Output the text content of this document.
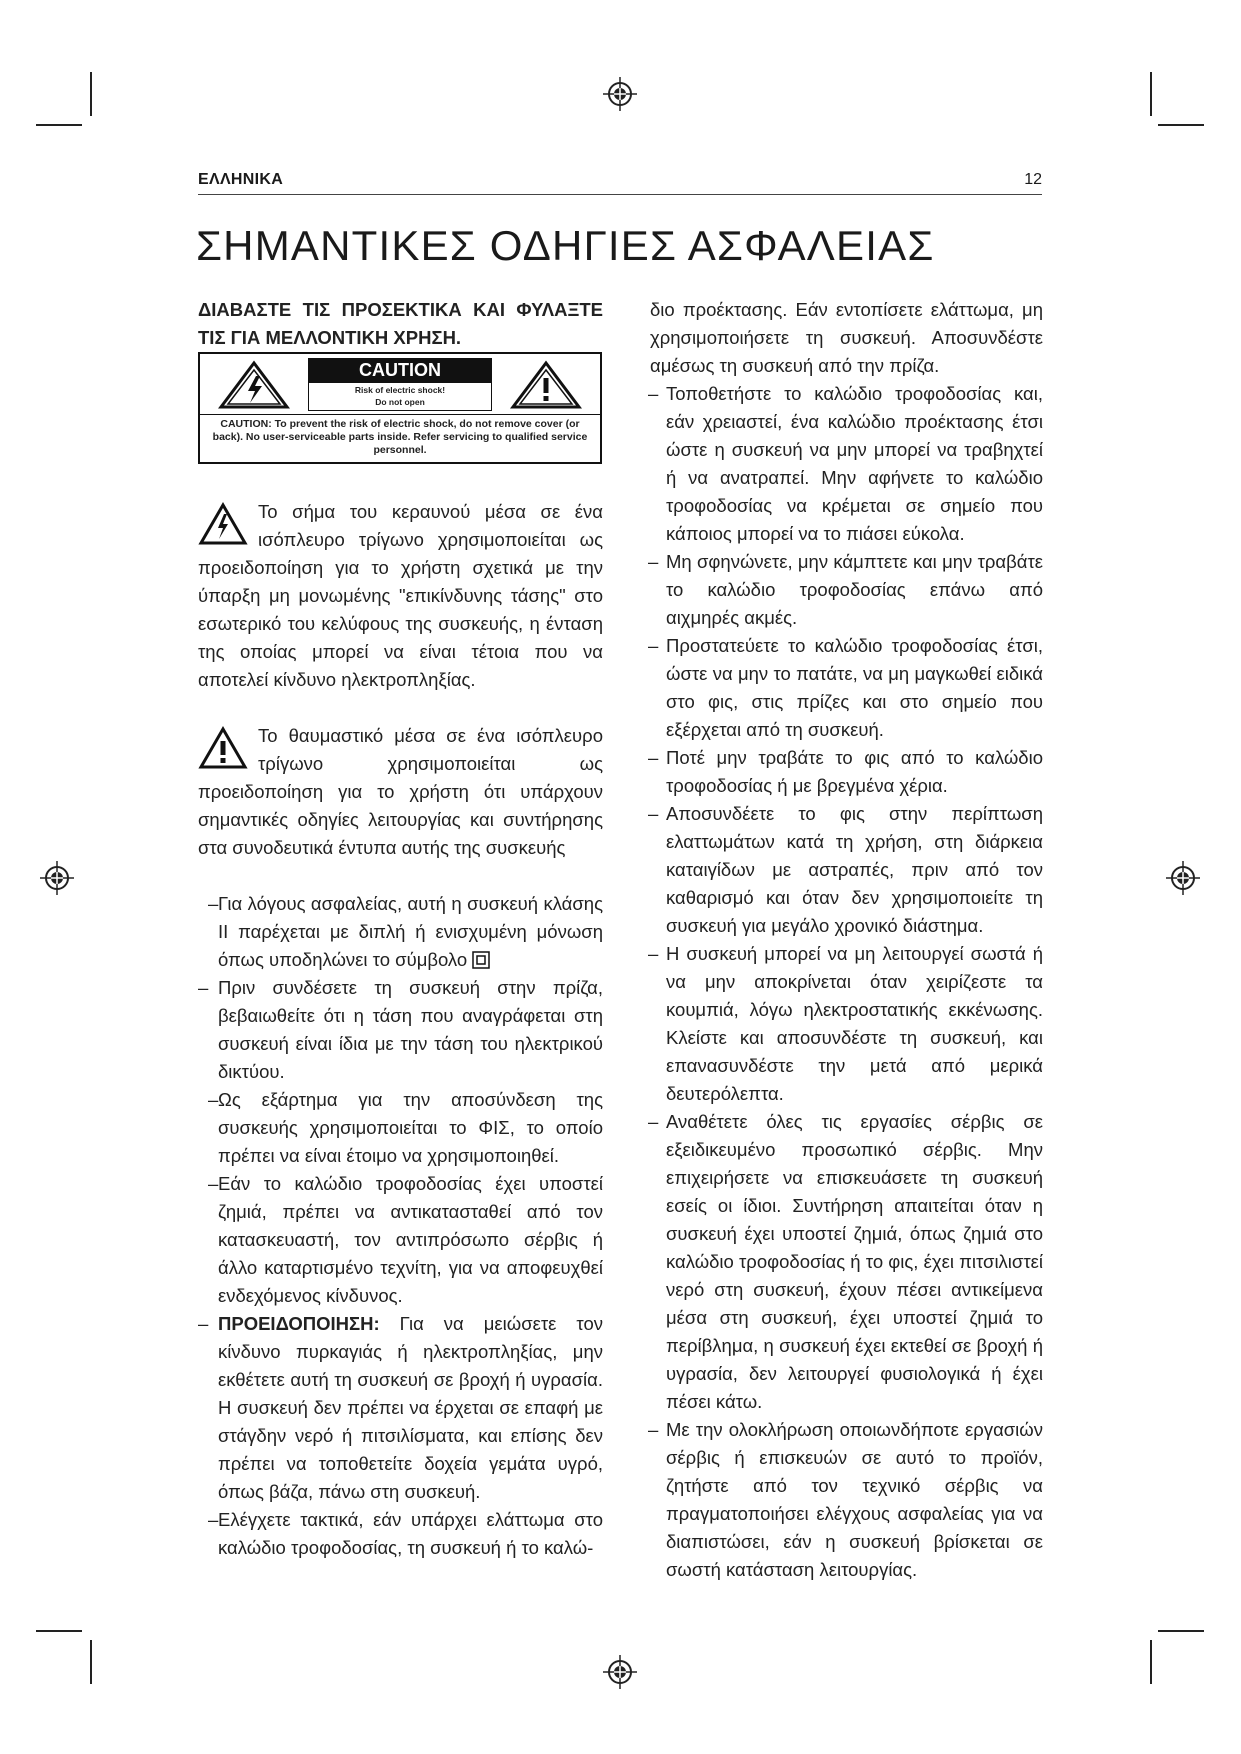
ΕΛΛΗΝΙΚΑ	12
ΣΗΜΑΝΤΙΚΕΣ ΟΔΗΓΙΕΣ ΑΣΦΑΛΕΙΑΣ

ΔΙΑΒΑΣΤΕ ΤΙΣ ΠΡΟΣΕΚΤΙΚΑ ΚΑΙ ΦΥΛΑΞΤΕ ΤΙΣ ΓΙΑ ΜΕΛΛΟΝΤΙΚΗ ΧΡΗΣΗ.

CAUTION
Risk of electric shock!
Do not open
CAUTION: To prevent the risk of electric shock, do not remove cover (or back). No user-serviceable parts inside. Refer servicing to qualified service personnel.

Το σήμα του κεραυνού μέσα σε ένα ισόπλευρο τρίγωνο χρησιμοποιείται ως προειδοποίηση για το χρήστη σχετικά με την ύπαρξη μη μονωμένης "επικίνδυνης τάσης" στο εσωτερικό του κελύφους της συσκευής, η ένταση της οποίας μπορεί να είναι τέτοια που να αποτελεί κίνδυνο ηλεκτροπληξίας.

Το θαυμαστικό μέσα σε ένα ισόπλευρο τρίγωνο χρησιμοποιείται ως προειδοποίηση για το χρήστη ότι υπάρχουν σημαντικές οδηγίες λειτουργίας και συντήρησης στα συνοδευτικά έντυπα αυτής της συσκευής

– Για λόγους ασφαλείας, αυτή η συσκευή κλάσης II παρέχεται με διπλή ή ενισχυμένη μόνωση όπως υποδηλώνει το σύμβολο
– Πριν συνδέσετε τη συσκευή στην πρίζα, βεβαιωθείτε ότι η τάση που αναγράφεται στη συσκευή είναι ίδια με την τάση του ηλεκτρικού δικτύου.
– Ως εξάρτημα για την αποσύνδεση της συσκευής χρησιμοποιείται το ΦΙΣ, το οποίο πρέπει να είναι έτοιμο να χρησιμοποιηθεί.
– Εάν το καλώδιο τροφοδοσίας έχει υποστεί ζημιά, πρέπει να αντικατασταθεί από τον κατασκευαστή, τον αντιπρόσωπο σέρβις ή άλλο καταρτισμένο τεχνίτη, για να αποφευχθεί ενδεχόμενος κίνδυνος.
– ΠΡΟΕΙΔΟΠΟΙΗΣΗ: Για να μειώσετε τον κίνδυνο πυρκαγιάς ή ηλεκτροπληξίας, μην εκθέτετε αυτή τη συσκευή σε βροχή ή υγρασία. Η συσκευή δεν πρέπει να έρχεται σε επαφή με στάγδην νερό ή πιτσιλίσματα, και επίσης δεν πρέπει να τοποθετείτε δοχεία γεμάτα υγρό, όπως βάζα, πάνω στη συσκευή.
– Ελέγχετε τακτικά, εάν υπάρχει ελάττωμα στο καλώδιο τροφοδοσίας, τη συσκευή ή το καλώ-

διο προέκτασης. Εάν εντοπίσετε ελάττωμα, μη χρησιμοποιήσετε τη συσκευή. Αποσυνδέστε αμέσως τη συσκευή από την πρίζα.

– Τοποθετήστε το καλώδιο τροφοδοσίας και, εάν χρειαστεί, ένα καλώδιο προέκτασης έτσι ώστε η συσκευή να μην μπορεί να τραβηχτεί ή να ανατραπεί. Μην αφήνετε το καλώδιο τροφοδοσίας να κρέμεται σε σημείο που κάποιος μπορεί να το πιάσει εύκολα.
– Μη σφηνώνετε, μην κάμπτετε και μην τραβάτε το καλώδιο τροφοδοσίας επάνω από αιχμηρές ακμές.
– Προστατεύετε το καλώδιο τροφοδοσίας έτσι, ώστε να μην το πατάτε, να μη μαγκωθεί ειδικά στο φις, στις πρίζες και στο σημείο που εξέρχεται από τη συσκευή.
– Ποτέ μην τραβάτε το φις από το καλώδιο τροφοδοσίας ή με βρεγμένα χέρια.
– Αποσυνδέετε το φις στην περίπτωση ελαττωμάτων κατά τη χρήση, στη διάρκεια καταιγίδων με αστραπές, πριν από τον καθαρισμό και όταν δεν χρησιμοποιείτε τη συσκευή για μεγάλο χρονικό διάστημα.
– Η συσκευή μπορεί να μη λειτουργεί σωστά ή να μην αποκρίνεται όταν χειρίζεστε τα κουμπιά, λόγω ηλεκτροστατικής εκκένωσης. Κλείστε και αποσυνδέστε τη συσκευή, και επανασυνδέστε την μετά από μερικά δευτερόλεπτα.
– Αναθέτετε όλες τις εργασίες σέρβις σε εξειδικευμένο προσωπικό σέρβις. Μην επιχειρήσετε να επισκευάσετε τη συσκευή εσείς οι ίδιοι. Συντήρηση απαιτείται όταν η συσκευή έχει υποστεί ζημιά, όπως ζημιά στο καλώδιο τροφοδοσίας ή το φις, έχει πιτσιλιστεί νερό στη συσκευή, έχουν πέσει αντικείμενα μέσα στη συσκευή, έχει υποστεί ζημιά το περίβλημα, η συσκευή έχει εκτεθεί σε βροχή ή υγρασία, δεν λειτουργεί φυσιολογικά ή έχει πέσει κάτω.
– Με την ολοκλήρωση οποιωνδήποτε εργασιών σέρβις ή επισκευών σε αυτό το προϊόν, ζητήστε από τον τεχνικό σέρβις να πραγματοποιήσει ελέγχους ασφαλείας για να διαπιστώσει, εάν η συσκευή βρίσκεται σε σωστή κατάσταση λειτουργίας.
